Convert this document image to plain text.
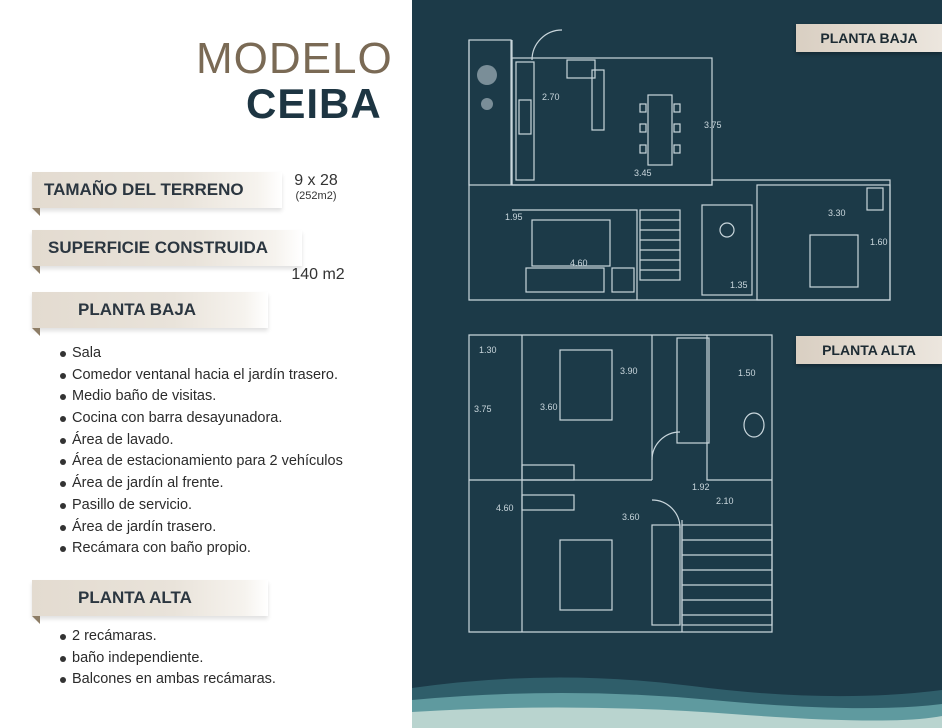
MODELO
CEIBA
TAMAÑO DEL TERRENO	9 x 28
(252m2)
SUPERFICIE CONSTRUIDA
140 m2
PLANTA BAJA
Sala
Comedor ventanal hacia el jardín trasero.
Medio baño de visitas.
Cocina con barra desayunadora.
Área de lavado.
Área de estacionamiento para 2 vehículos
Área de jardín al frente.
Pasillo de servicio.
Área de jardín trasero.
Recámara con baño propio.
PLANTA ALTA
2 recámaras.
baño independiente.
Balcones en ambas recámaras.
2.70
3.75
3.45
3.30
1.95
4.60
1.35
1.60
1.30
3.90	1.50
3.60
3.75
1.92
2.10
4.60
3.60
PLANTA BAJA
PLANTA ALTA
